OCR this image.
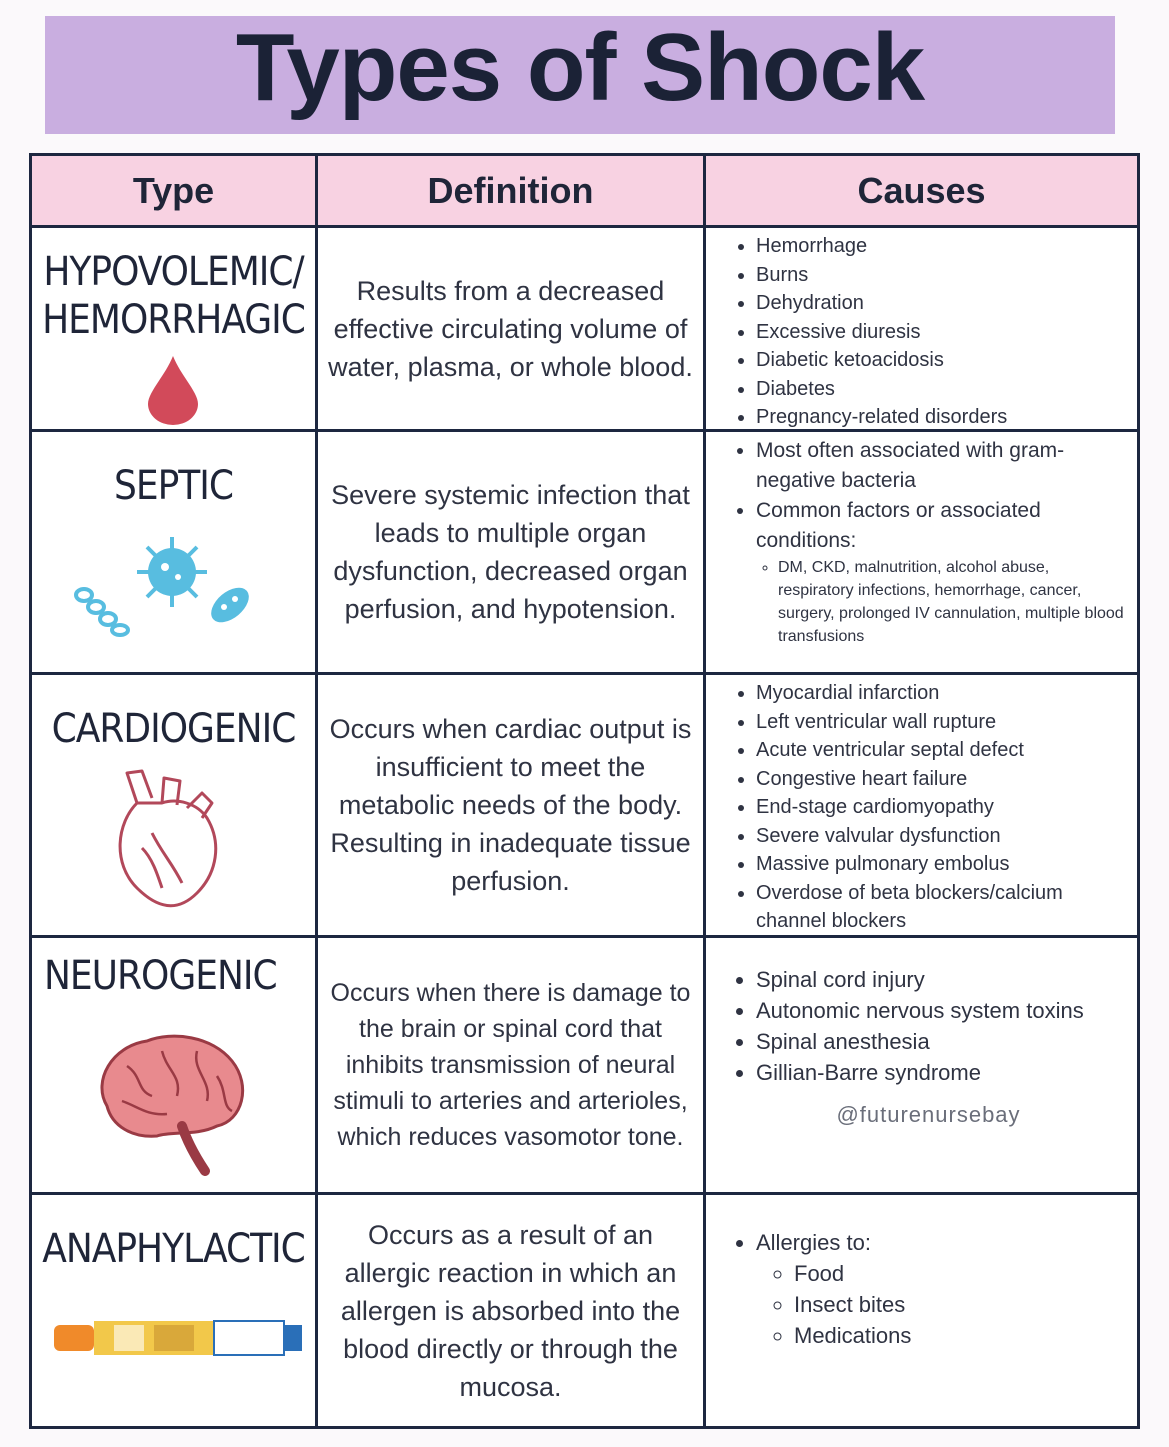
Types of Shock
Type	Definition	Causes
HYPOVOLEMIC/
HEMORRHAGIC
Results from a decreased effective circulating volume of water, plasma, or whole blood.
• Hemorrhage
• Burns
• Dehydration
• Excessive diuresis
• Diabetic ketoacidosis
• Diabetes
• Pregnancy-related disorders
SEPTIC	Severe systemic infection that leads to multiple organ dysfunction, decreased organ perfusion, and hypotension.
• Most often associated with gram-negative bacteria
• Common factors or associated conditions:
◦ DM, CKD, malnutrition, alcohol abuse, respiratory infections, hemorrhage, cancer, surgery, prolonged IV cannulation, multiple blood transfusions
CARDIOGENIC	Occurs when cardiac output is insufficient to meet the metabolic needs of the body. Resulting in inadequate tissue perfusion.
• Myocardial infarction
• Left ventricular wall rupture
• Acute ventricular septal defect
• Congestive heart failure
• End-stage cardiomyopathy
• Severe valvular dysfunction
• Massive pulmonary embolus
• Overdose of beta blockers/calcium channel blockers
NEUROGENIC	Occurs when there is damage to the brain or spinal cord that inhibits transmission of neural stimuli to arteries and arterioles, which reduces vasomotor tone.
• Spinal cord injury
• Autonomic nervous system toxins
• Spinal anesthesia
• Gillian-Barre syndrome
@futurenursebay
ANAPHYLACTIC	Occurs as a result of an allergic reaction in which an allergen is absorbed into the blood directly or through the mucosa.
• Allergies to:
◦ Food
◦ Insect bites
◦ Medications
